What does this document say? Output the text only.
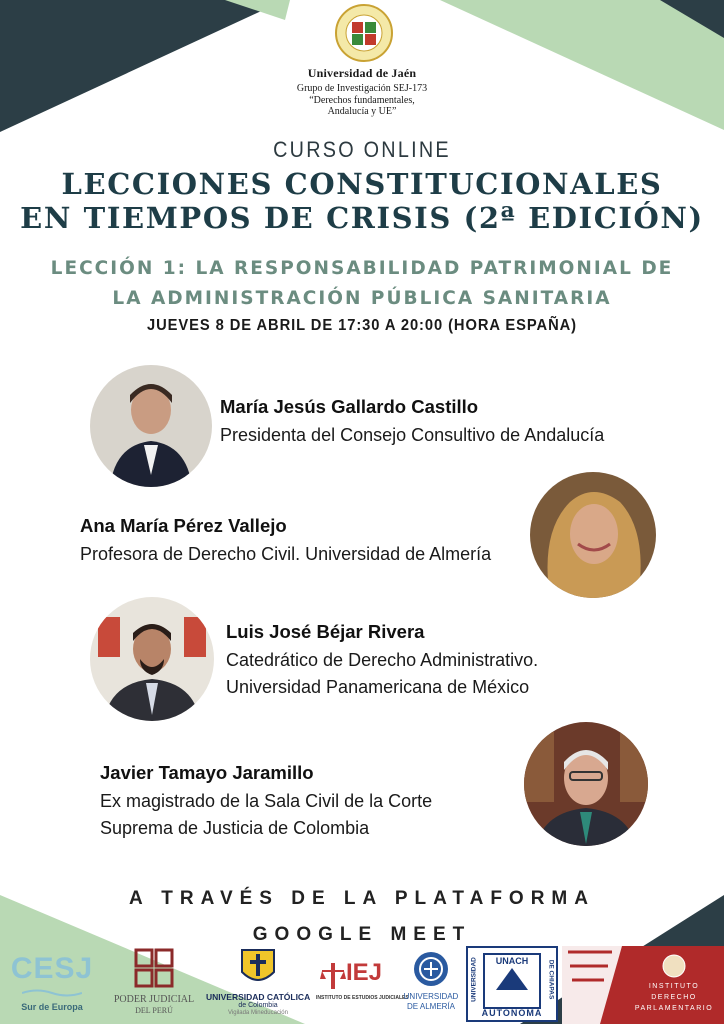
Universidad de Jaén
Grupo de Investigación SEJ-173
“Derechos fundamentales,
Andalucía y UE”
CURSO ONLINE
LECCIONES CONSTITUCIONALES
EN TIEMPOS DE CRISIS (2ª EDICIÓN)
LECCIÓN 1: LA RESPONSABILIDAD PATRIMONIAL DE
LA ADMINISTRACIÓN PÚBLICA SANITARIA
JUEVES 8 DE ABRIL DE 17:30 A 20:00 (HORA ESPAÑA)
María Jesús Gallardo Castillo
Presidenta del Consejo Consultivo de Andalucía
Ana María Pérez Vallejo
Profesora de Derecho Civil. Universidad de Almería
Luis José Béjar Rivera
Catedrático de Derecho Administrativo.
Universidad Panamericana de México
Javier Tamayo Jaramillo
Ex magistrado de la Sala Civil de la Corte
Suprema de Justicia de Colombia
A TRAVÉS DE LA PLATAFORMA
GOOGLE MEET
CESJ
Sur de Europa
PODER JUDICIAL
DEL PERÚ
UNIVERSIDAD CATÓLICA
de Colombia
Vigilada Mineducación
IEJ
INSTITUTO DE ESTUDIOS JUDICIALES
UNIVERSIDAD
DE ALMERÍA
UNACH
AUTONOMA
UNIVERSIDAD	DE CHIAPAS	INSTITUTO
DERECHO
PARLAMENTARIO
